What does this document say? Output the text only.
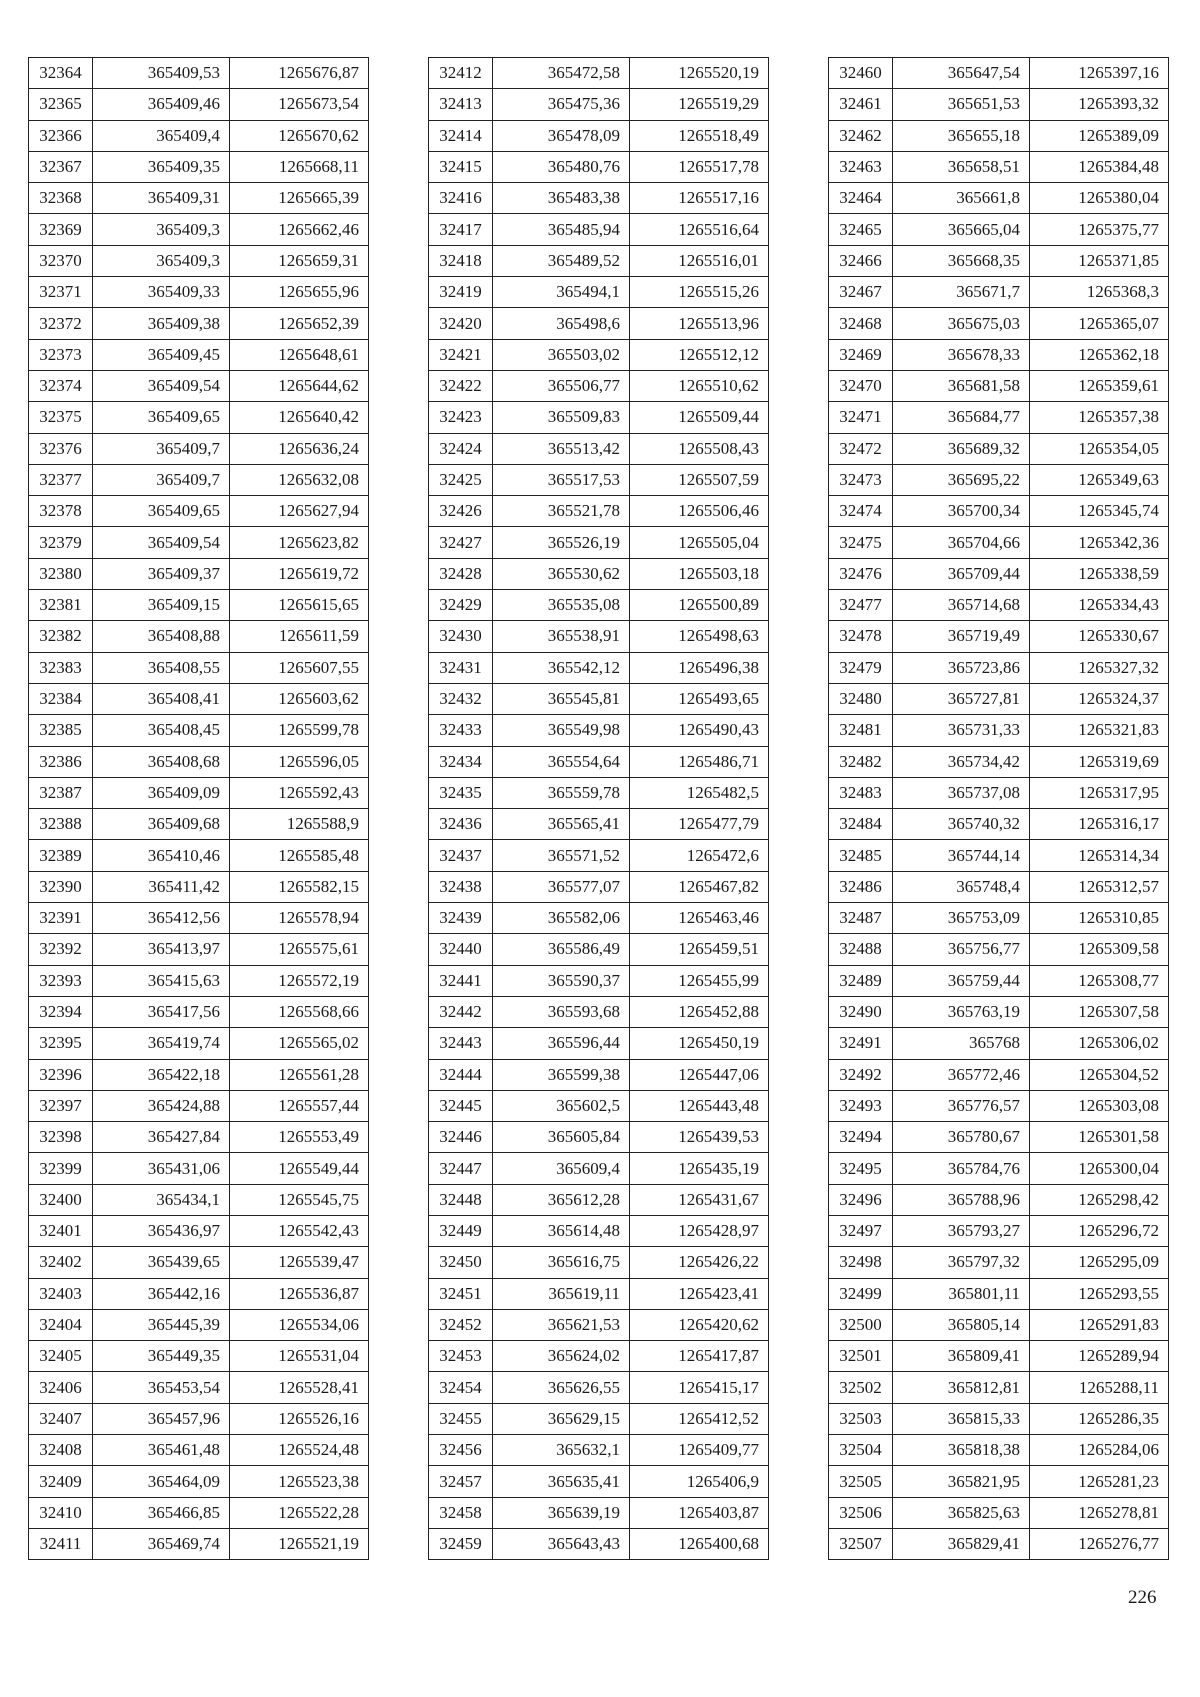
32364	365409,53	1265676,87
32365	365409,46	1265673,54
32366	365409,4	1265670,62
32367	365409,35	1265668,11
32368	365409,31	1265665,39
32369	365409,3	1265662,46
32370	365409,3	1265659,31
32371	365409,33	1265655,96
32372	365409,38	1265652,39
32373	365409,45	1265648,61
32374	365409,54	1265644,62
32375	365409,65	1265640,42
32376	365409,7	1265636,24
32377	365409,7	1265632,08
32378	365409,65	1265627,94
32379	365409,54	1265623,82
32380	365409,37	1265619,72
32381	365409,15	1265615,65
32382	365408,88	1265611,59
32383	365408,55	1265607,55
32384	365408,41	1265603,62
32385	365408,45	1265599,78
32386	365408,68	1265596,05
32387	365409,09	1265592,43
32388	365409,68	1265588,9
32389	365410,46	1265585,48
32390	365411,42	1265582,15
32391	365412,56	1265578,94
32392	365413,97	1265575,61
32393	365415,63	1265572,19
32394	365417,56	1265568,66
32395	365419,74	1265565,02
32396	365422,18	1265561,28
32397	365424,88	1265557,44
32398	365427,84	1265553,49
32399	365431,06	1265549,44
32400	365434,1	1265545,75
32401	365436,97	1265542,43
32402	365439,65	1265539,47
32403	365442,16	1265536,87
32404	365445,39	1265534,06
32405	365449,35	1265531,04
32406	365453,54	1265528,41
32407	365457,96	1265526,16
32408	365461,48	1265524,48
32409	365464,09	1265523,38
32410	365466,85	1265522,28
32411	365469,74	1265521,19
32412	365472,58	1265520,19
32413	365475,36	1265519,29
32414	365478,09	1265518,49
32415	365480,76	1265517,78
32416	365483,38	1265517,16
32417	365485,94	1265516,64
32418	365489,52	1265516,01
32419	365494,1	1265515,26
32420	365498,6	1265513,96
32421	365503,02	1265512,12
32422	365506,77	1265510,62
32423	365509,83	1265509,44
32424	365513,42	1265508,43
32425	365517,53	1265507,59
32426	365521,78	1265506,46
32427	365526,19	1265505,04
32428	365530,62	1265503,18
32429	365535,08	1265500,89
32430	365538,91	1265498,63
32431	365542,12	1265496,38
32432	365545,81	1265493,65
32433	365549,98	1265490,43
32434	365554,64	1265486,71
32435	365559,78	1265482,5
32436	365565,41	1265477,79
32437	365571,52	1265472,6
32438	365577,07	1265467,82
32439	365582,06	1265463,46
32440	365586,49	1265459,51
32441	365590,37	1265455,99
32442	365593,68	1265452,88
32443	365596,44	1265450,19
32444	365599,38	1265447,06
32445	365602,5	1265443,48
32446	365605,84	1265439,53
32447	365609,4	1265435,19
32448	365612,28	1265431,67
32449	365614,48	1265428,97
32450	365616,75	1265426,22
32451	365619,11	1265423,41
32452	365621,53	1265420,62
32453	365624,02	1265417,87
32454	365626,55	1265415,17
32455	365629,15	1265412,52
32456	365632,1	1265409,77
32457	365635,41	1265406,9
32458	365639,19	1265403,87
32459	365643,43	1265400,68
32460	365647,54	1265397,16
32461	365651,53	1265393,32
32462	365655,18	1265389,09
32463	365658,51	1265384,48
32464	365661,8	1265380,04
32465	365665,04	1265375,77
32466	365668,35	1265371,85
32467	365671,7	1265368,3
32468	365675,03	1265365,07
32469	365678,33	1265362,18
32470	365681,58	1265359,61
32471	365684,77	1265357,38
32472	365689,32	1265354,05
32473	365695,22	1265349,63
32474	365700,34	1265345,74
32475	365704,66	1265342,36
32476	365709,44	1265338,59
32477	365714,68	1265334,43
32478	365719,49	1265330,67
32479	365723,86	1265327,32
32480	365727,81	1265324,37
32481	365731,33	1265321,83
32482	365734,42	1265319,69
32483	365737,08	1265317,95
32484	365740,32	1265316,17
32485	365744,14	1265314,34
32486	365748,4	1265312,57
32487	365753,09	1265310,85
32488	365756,77	1265309,58
32489	365759,44	1265308,77
32490	365763,19	1265307,58
32491	365768	1265306,02
32492	365772,46	1265304,52
32493	365776,57	1265303,08
32494	365780,67	1265301,58
32495	365784,76	1265300,04
32496	365788,96	1265298,42
32497	365793,27	1265296,72
32498	365797,32	1265295,09
32499	365801,11	1265293,55
32500	365805,14	1265291,83
32501	365809,41	1265289,94
32502	365812,81	1265288,11
32503	365815,33	1265286,35
32504	365818,38	1265284,06
32505	365821,95	1265281,23
32506	365825,63	1265278,81
32507	365829,41	1265276,77
226
